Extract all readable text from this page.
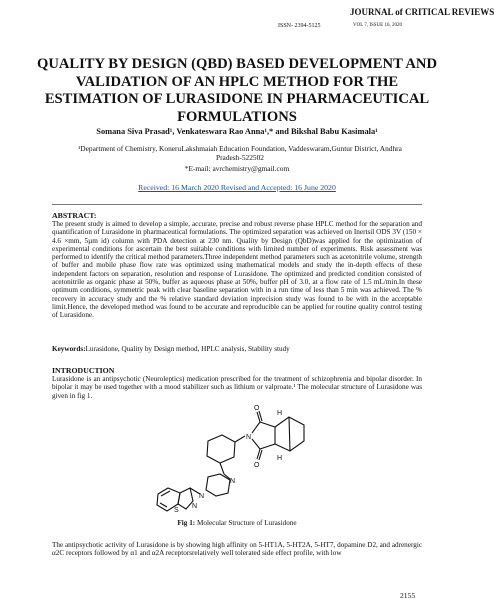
JOURNAL of CRITICAL REVIEWS
ISSN- 2394-5125	VOL 7, ISSUE 16, 2020
QUALITY BY DESIGN (QBD) BASED DEVELOPMENT AND VALIDATION OF AN HPLC METHOD FOR THE ESTIMATION OF LURASIDONE IN PHARMACEUTICAL FORMULATIONS
Somana Siva Prasad¹, Venkateswara Rao Anna¹,* and Bikshal Babu Kasimala¹
¹Department of Chemistry, KoneruLakshmaiah Education Foundation, Vaddeswaram,Guntur District, Andhra Pradesh-522502
*E-mail: avrchemistry@gmail.com
Received: 16 March 2020 Revised and Accepted: 16 June 2020
ABSTRACT:

The present study is aimed to develop a simple, accurate, precise and robust reverse phase HPLC method for the separation and quantification of Lurasidone in pharmaceutical formulations. The optimized separation was achieved on Inertsil ODS 3V (150 × 4.6 ×mm, 5µm id) column with PDA detection at 230 nm. Quality by Design (QbD)was applied for the optimization of experimental conditions for ascertain the best suitable conditions with limited number of experiments. Risk assessment was performed to identify the critical method parameters.Three independent method parameters such as acetonitrile volume, strength of buffer and mobile phase flow rate was optimized using mathematical models and study the in-depth effects of these independent factors on separation, resolution and response of Lurasidone. The optimized and predicted condition consisted of acetonitrile as organic phase at 50%, buffer as aqueous phase at 50%, buffer pH of 3.0, at a flow rate of 1.5 mL/min.In these optimum conditions, symmetric peak with clear baseline separation with in a run time of less than 5 min was achieved. The % recovery in accuracy study and the % relative standard deviation inprecision study was found to be with in the acceptable limit.Hence, the developed method was found to be accurate and reproducible can be applied for routine quality control testing of Lurasidone.

Keywords:Lurasidone, Quality by Design method, HPLC analysis, Stability study
INTRODUCTION

Lurasidone is an antipsychotic (Neuroleptics) medication prescribed for the treatment of schizophrenia and bipolar disorder. In bipolar it may be used together with a mood stabilizer such as lithium or valproate.¹ The molecular structure of Lurasidone was given in fig 1.

H
H
O
O
N
N
N
S
N
Fig 1: Molecular Structure of Lurasidone

The antipsychotic activity of Lurasidone is by showing high affinity on 5-HT1A, 5-HT2A, 5-HT7, dopamine D2, and adrenergic α2C receptors followed by α1 and α2A receptorsrelatively well tolerated side effect profile, with low

2155
